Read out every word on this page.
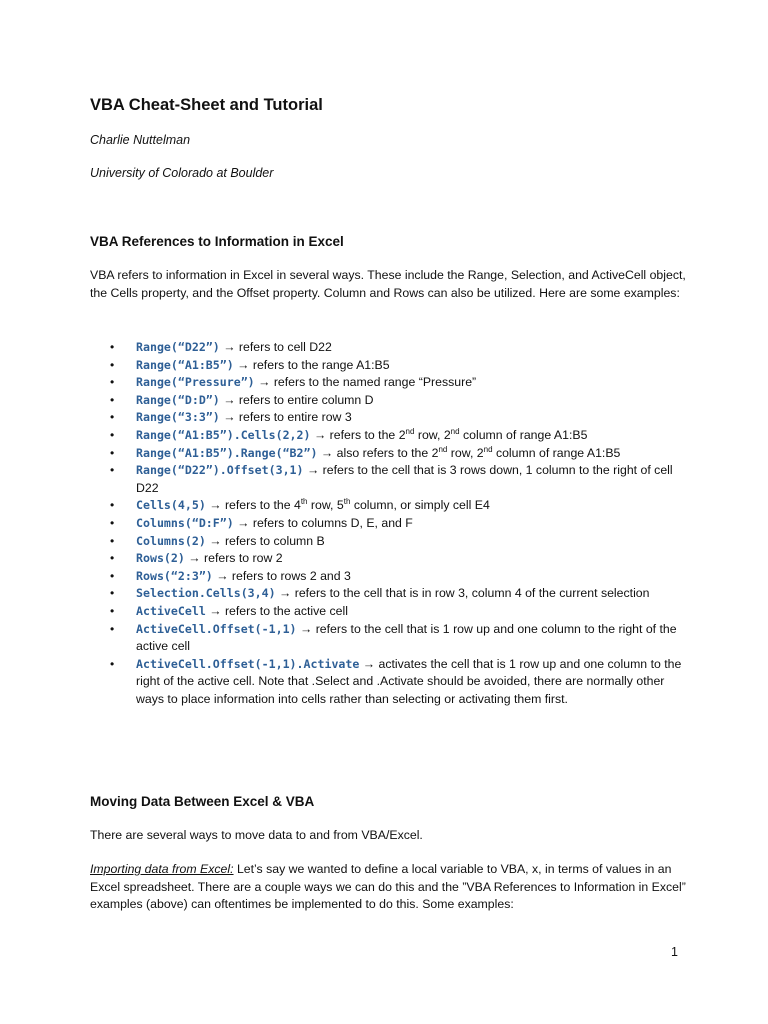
VBA Cheat-Sheet and Tutorial
Charlie Nuttelman
University of Colorado at Boulder
VBA References to Information in Excel

VBA refers to information in Excel in several ways. These include the Range, Selection, and ActiveCell object, the Cells property, and the Offset property. Column and Rows can also be utilized. Here are some examples:

• Range(“D22”) → refers to cell D22
• Range(“A1:B5”) → refers to the range A1:B5
• Range(“Pressure”) → refers to the named range “Pressure”
• Range(“D:D”) → refers to entire column D
• Range(“3:3”) → refers to entire row 3
• Range(“A1:B5”).Cells(2,2) → refers to the 2nd row, 2nd column of range A1:B5
• Range(“A1:B5”).Range(“B2”) → also refers to the 2nd row, 2nd column of range A1:B5
• Range(“D22”).Offset(3,1) → refers to the cell that is 3 rows down, 1 column to the right of cell D22
• Cells(4,5) → refers to the 4th row, 5th column, or simply cell E4
• Columns(“D:F”) → refers to columns D, E, and F
• Columns(2) → refers to column B
• Rows(2) → refers to row 2
• Rows(“2:3”) → refers to rows 2 and 3
• Selection.Cells(3,4) → refers to the cell that is in row 3, column 4 of the current selection
• ActiveCell → refers to the active cell
• ActiveCell.Offset(-1,1) → refers to the cell that is 1 row up and one column to the right of the active cell
• ActiveCell.Offset(-1,1).Activate → activates the cell that is 1 row up and one column to the right of the active cell. Note that .Select and .Activate should be avoided, there are normally other ways to place information into cells rather than selecting or activating them first.
Moving Data Between Excel & VBA

There are several ways to move data to and from VBA/Excel.

Importing data from Excel: Let’s say we wanted to define a local variable to VBA, x, in terms of values in an Excel spreadsheet. There are a couple ways we can do this and the ”VBA References to Information in Excel” examples (above) can oftentimes be implemented to do this. Some examples:

1
